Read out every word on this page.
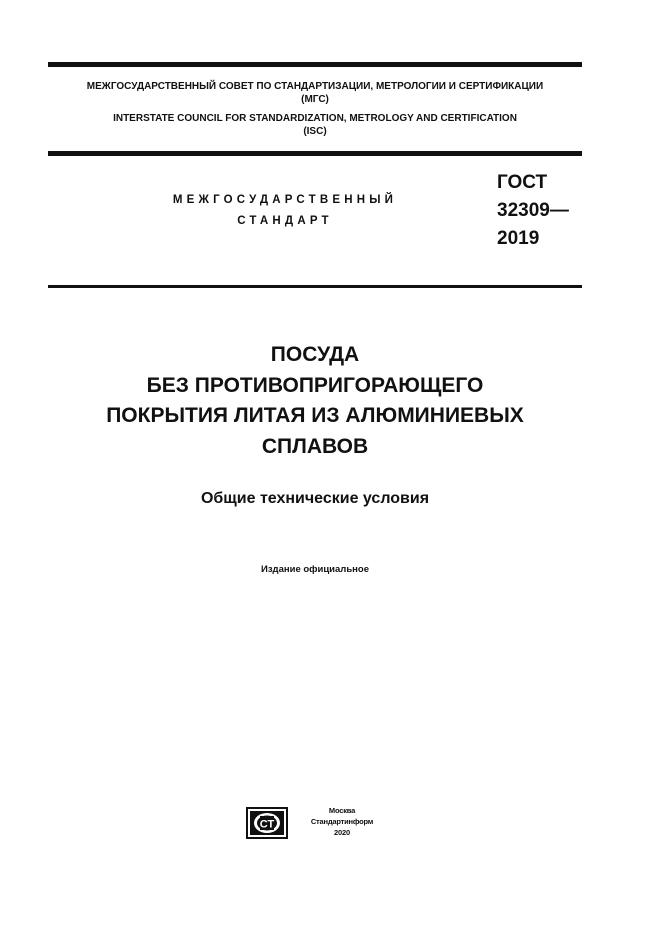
МЕЖГОСУДАРСТВЕННЫЙ СОВЕТ ПО СТАНДАРТИЗАЦИИ, МЕТРОЛОГИИ И СЕРТИФИКАЦИИ

(МГС)

INTERSTATE COUNCIL FOR STANDARDIZATION, METROLOGY AND CERTIFICATION

(ISC)

МЕЖГОСУДАРСТВЕННЫЙ

СТАНДАРТ

ГОСТ

32309—

2019

ПОСУДА

БЕЗ ПРОТИВОПРИГОРАЮЩЕГО

ПОКРЫТИЯ ЛИТАЯ ИЗ АЛЮМИНИЕВЫХ

СПЛАВОВ

Общие технические условия
Издание официальное
СТ
Москва
Стандартинформ
2020
